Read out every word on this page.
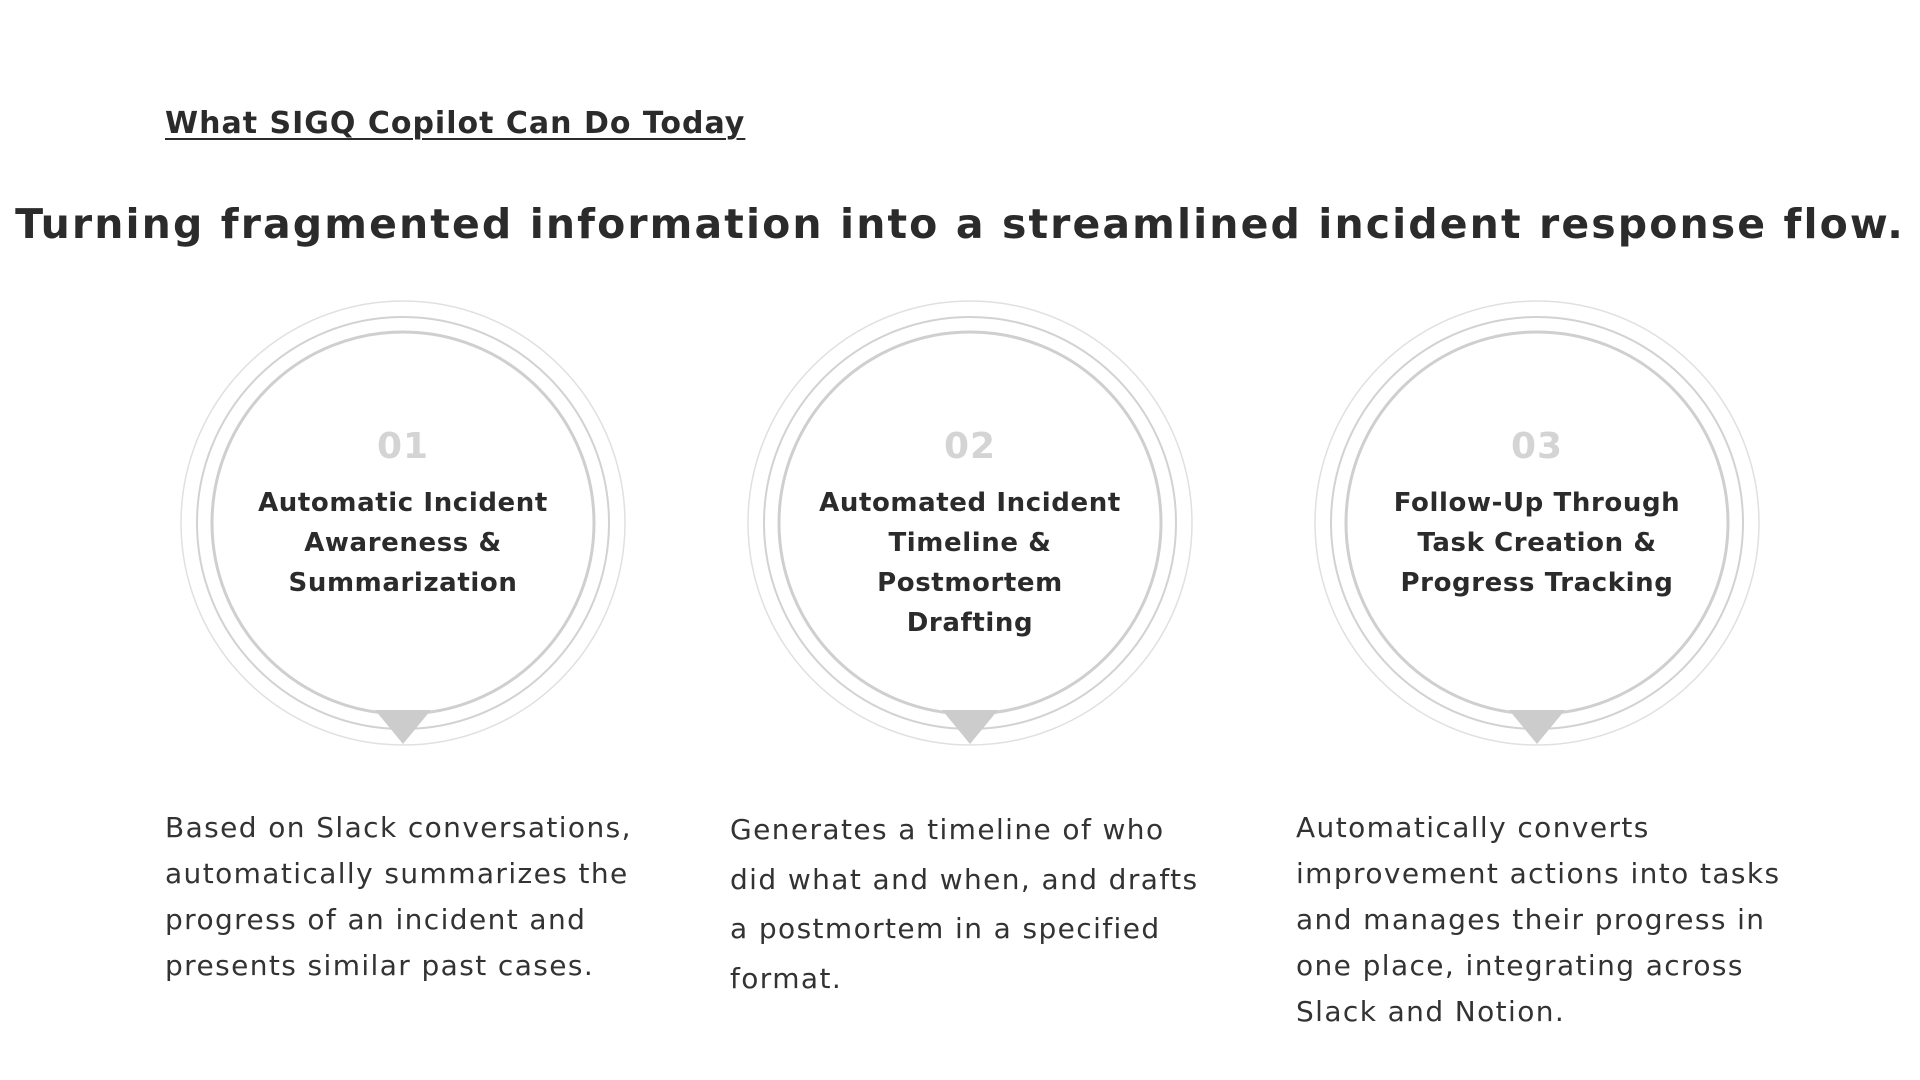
What SIGQ Copilot Can Do Today
Turning fragmented information into a streamlined incident response flow.
01
Automatic Incident
Awareness &
Summarization

Based on Slack conversations,
automatically summarizes the
progress of an incident and
presents similar past cases.

02
Automated Incident
Timeline & Postmortem
Drafting

Generates a timeline of who
did what and when, and drafts
a postmortem in a specified
format.

03
Follow-Up Through
Task Creation &
Progress Tracking

Automatically converts
improvement actions into tasks
and manages their progress in
one place, integrating across
Slack and Notion.
